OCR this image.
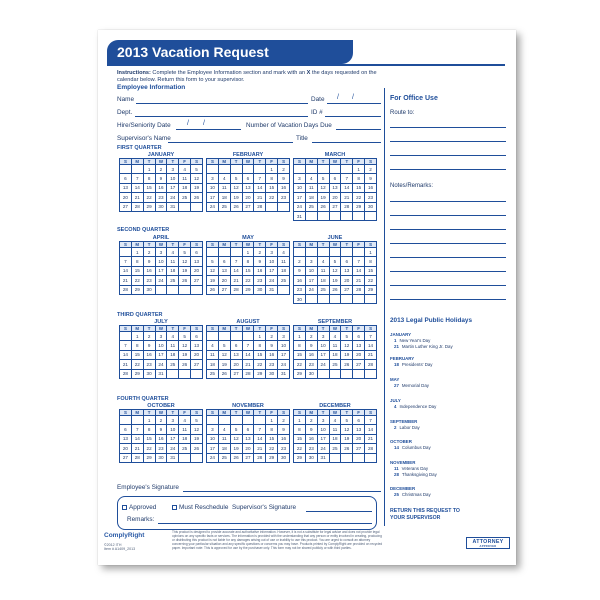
2013 Vacation Request
Instructions: Complete the Employee Information section and mark with an X the days requested on the calendar below. Return this form to your supervisor.
Employee Information
Name	Date / /
Dept.	ID #
Hire/Seniority Date / /	Number of Vacation Days Due
Supervisor's Name	Title
FIRST QUARTER
SECOND QUARTER
THIRD QUARTER
FOURTH QUARTER
JANUARY
S	M	T	W	T	F	S
		1	2	3	4	5
6	7	8	9	10	11	12
13	14	15	16	17	18	19
20	21	22	23	24	25	26
27	28	29	30	31		
FEBRUARY
S	M	T	W	T	F	S
					1	2
3	4	5	6	7	8	9
10	11	12	13	14	15	16
17	18	19	20	21	22	23
24	25	26	27	28		
MARCH
S	M	T	W	T	F	S
					1	2
3	4	5	6	7	8	9
10	11	12	13	14	15	16
17	18	19	20	21	22	23
24	25	26	27	28	29	30
31						
APRIL
S	M	T	W	T	F	S
	1	2	3	4	5	6
7	8	9	10	11	12	13
14	15	16	17	18	19	20
21	22	23	24	25	26	27
28	29	30				
MAY
S	M	T	W	T	F	S
			1	2	3	4
5	6	7	8	9	10	11
12	13	14	15	16	17	18
19	20	21	22	23	24	25
26	27	28	29	30	31	
JUNE
S	M	T	W	T	F	S
						1
2	3	4	5	6	7	8
9	10	11	12	13	14	15
16	17	18	19	20	21	22
23	24	25	26	27	28	29
30						
JULY
S	M	T	W	T	F	S
	1	2	3	4	5	6
7	8	9	10	11	12	13
14	15	16	17	18	19	20
21	22	23	24	25	26	27
28	29	30	31			
AUGUST
S	M	T	W	T	F	S
				1	2	3
4	5	6	7	8	9	10
11	12	13	14	15	16	17
18	19	20	21	22	23	24
25	26	27	28	29	30	31
SEPTEMBER
S	M	T	W	T	F	S
1	2	3	4	5	6	7
8	9	10	11	12	13	14
15	16	17	18	19	20	21
22	23	24	25	26	27	28
29	30					
OCTOBER
S	M	T	W	T	F	S
		1	2	3	4	5
6	7	8	9	10	11	12
13	14	15	16	17	18	19
20	21	22	23	24	25	26
27	28	29	30	31		
NOVEMBER
S	M	T	W	T	F	S
					1	2
3	4	5	6	7	8	9
10	11	12	13	14	15	16
17	18	19	20	21	22	23
24	25	26	27	28	29	30
DECEMBER
S	M	T	W	T	F	S
1	2	3	4	5	6	7
8	9	10	11	12	13	14
15	16	17	18	19	20	21
22	23	24	25	26	27	28
29	30	31				
For Office Use
Route to:
Notes/Remarks:
2013 Legal Public Holidays
JANUARY
1 New Year's Day
21 Martin Luther King Jr. Day
FEBRUARY
18 Presidents' Day
MAY
27 Memorial Day
JULY
4 Independence Day
SEPTEMBER
2 Labor Day
OCTOBER
14 Columbus Day
NOVEMBER
11 Veterans Day
28 Thanksgiving Day
DECEMBER
25 Christmas Day
Employee's Signature
Approved	Must Reschedule Supervisor's Signature
Remarks:
RETURN THIS REQUEST TO
YOUR SUPERVISOR
ComplyRight
©2012 ITH
Item # A1409_2013
This product is designed to provide accurate and authoritative information. However, it is not a substitute for legal advice and does not provide legal opinions on any specific facts or services. The information is provided with the understanding that any person or entity involved in creating, producing or distributing this product is not liable for any damages arising out of use or inability to use this product. You are urged to consult an attorney concerning your particular situation and any specific questions or concerns you may have. Products printed by ComplyRight are provided on recycled paper. Important note: This is approved for use by the purchaser only. This form may not be shared publicly or with third parties.
ATTORNEY
APPROVED
